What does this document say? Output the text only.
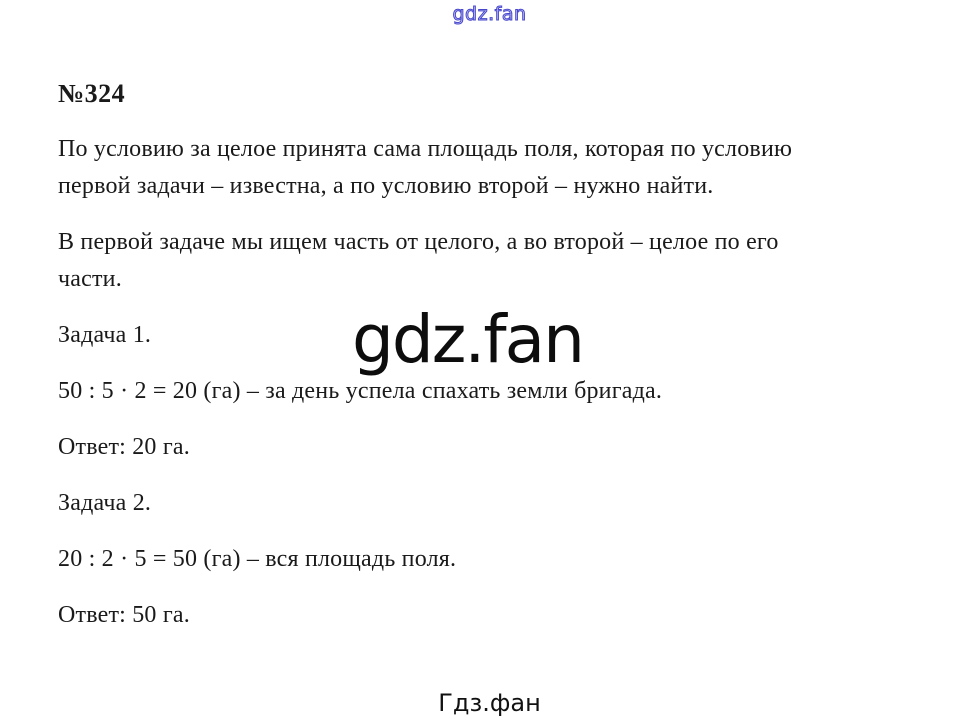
gdz.fan
gdz.fan
№324
По условию за целое принята сама площадь поля, которая по условию
первой задачи – известна, а по условию второй – нужно найти.
В первой задаче мы ищем часть от целого, а во второй – целое по его
части.
Задача 1.
50 : 5 · 2 = 20 (га) – за день успела спахать земли бригада.
Ответ: 20 га.
Задача 2.
20 : 2 · 5 = 50 (га) – вся площадь поля.
Ответ: 50 га.
Гдз.фан
